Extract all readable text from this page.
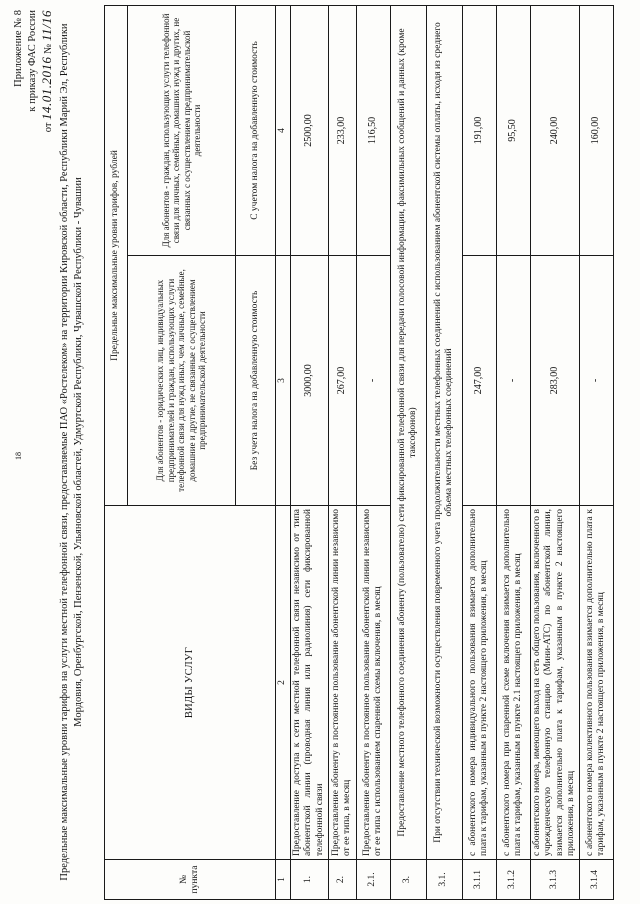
18
Приложение № 8 к приказу ФАС России
от 14.01.2016 № 11/16 Предельные максимальные уровни тарифов на услуги местной телефонной связи, предоставляемые ПАО «Ростелеком» на территории Кировской области, Республики Марий Эл, Республики Мордовия, Оренбургской, Пензенской, Ульяновской областей, Удмуртской Республики, Чувашской Республики - Чувашии
№ пункта	ВИДЫ УСЛУГ	Предельные максимальные уровни тарифов, рублей	
		Для абонентов - юридических лиц, индивидуальных предпринимателей и граждан, использующих услуги телефонной связи для нужд иных, чем личные, семейные, домашние и другие, не связанные с осуществлением предпринимательской деятельности	Для абонентов - граждан, использующих услуги телефонной связи для личных, семейных, домашних нужд и других, не связанных с осуществлением предпринимательской деятельности
		Без учета налога на добавленную стоимость	С учетом налога на добавленную стоимость
1	2	3	4
1.	Предоставление доступа к сети местной телефонной связи независимо от типа абонентской линии (проводная линия или радиолиния) сети фиксированной телефонной связи	3000,00	2500,00
2.	Предоставление абоненту в постоянное пользование абонентской линии независимо от ее типа, в месяц	267,00	233,00
2.1.	Предоставление абоненту в постоянное пользование абонентской линии независимо от ее типа с использованием спаренной схемы включения, в месяц	-	116,50
3.	Предоставление местного телефонного соединения абоненту (пользователю) сети фиксированной телефонной связи для передачи голосовой информации, факсимильных сообщений и данных (кроме таксофонов)		
3.1.	При отсутствии технической возможности осуществления повременного учета продолжительности местных телефонных соединений с использованием абонентской системы оплаты, исходя из среднего объема местных телефонных соединений		
3.1.1	с абонентского номера индивидуального пользования взимается дополнительно плата к тарифам, указанным в пункте 2 настоящего приложения, в месяц	247,00	191,00
3.1.2	с абонентского номера при спаренной схеме включения взимается дополнительно плата к тарифам, указанным в пункте 2.1 настоящего приложения, в месяц	-	95,50
3.1.3	с абонентского номера, имеющего выход на сеть общего пользования, включенного в учрежденческую телефонную станцию (Мини-АТС) по абонентской линии, взимается дополнительно плата к тарифам, указанным в пункте 2 настоящего приложения, в месяц	283,00	240,00
3.1.4	с абонентского номера коллективного пользования взимается дополнительно плата к тарифам, указанным в пункте 2 настоящего приложения, в месяц	-	160,00
